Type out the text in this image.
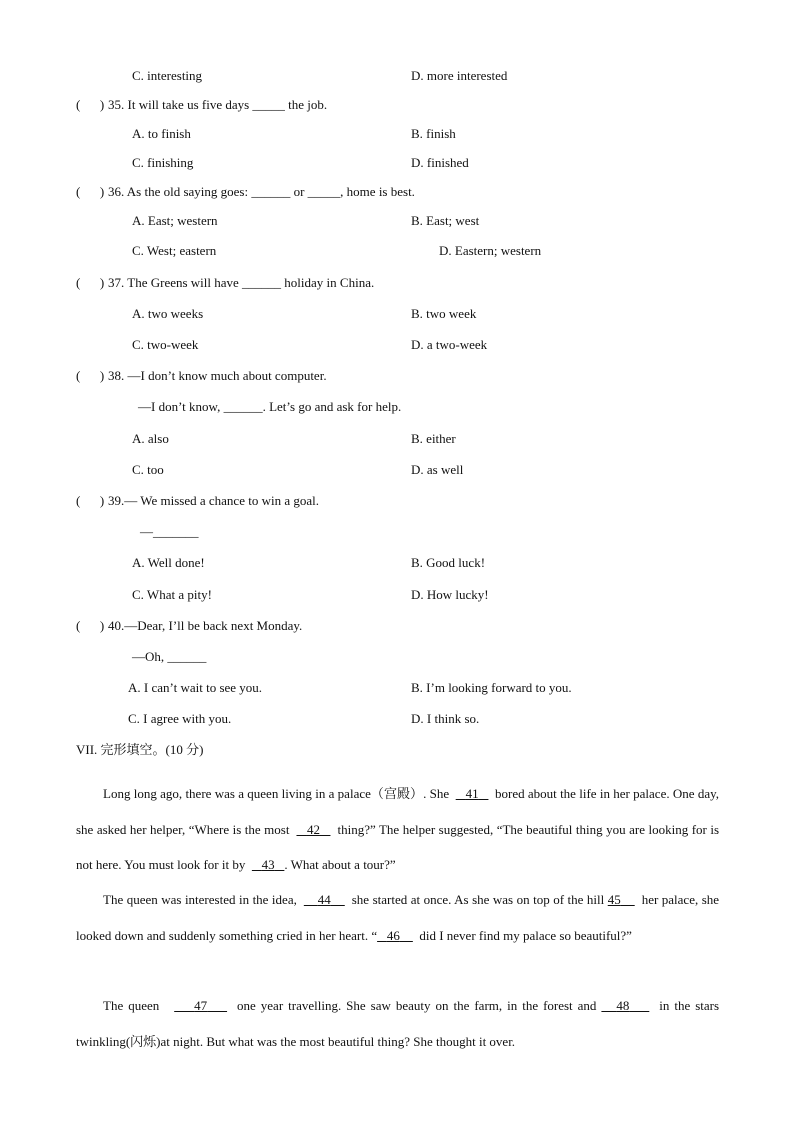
C. interesting	D. more interested
( ) 35. It will take us five days _____ the job.
A. to finish	B. finish
C. finishing	D. finished
( ) 36. As the old saying goes: ______ or _____, home is best.
A. East; western	B. East; west
C. West; eastern	D. Eastern; western
( ) 37. The Greens will have ______ holiday in China.
A. two weeks	B. two week
C. two-week	D. a two-week
( ) 38. —I don’t know much about computer.
—I don’t know, ______. Let’s go and ask for help.
A. also	B. either
C. too	D. as well
( ) 39.— We missed a chance to win a goal.
—_______
A. Well done!	B. Good luck!
C. What a pity!	D. How lucky!
( ) 40.—Dear, I’ll be back next Monday.
—Oh, ______
A. I can’t wait to see you.	B. I’m looking forward to you.
C. I agree with you.	D. I think so.
VII. 完形填空。(10 分)
Long long ago, there was a queen living in a palace（宫殿）. She 41 bored about the life in her palace. One day, she asked her helper, “Where is the most 42 thing?” The helper suggested, “The beautiful thing you are looking for is not here. You must look for it by 43 . What about a tour?”
The queen was interested in the idea, 44 she started at once. As she was on top of the hill 45 her palace, she looked down and suddenly something cried in her heart. “ 46 did I never find my palace so beautiful?”
The queen	47 one year travelling. She saw beauty on the farm, in the forest and 48 in the stars twinkling(闪烁)at night. But what was the most beautiful thing? She thought it over.
